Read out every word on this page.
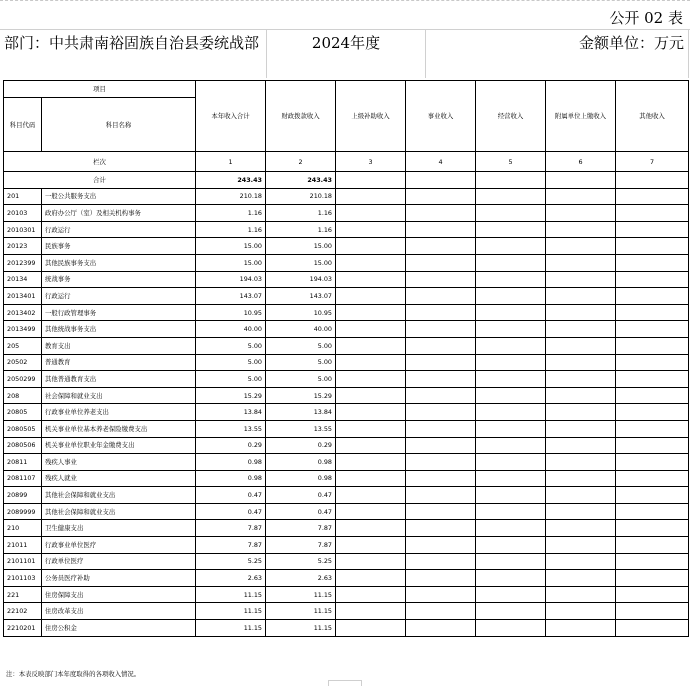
公开 02 表
部门：中共肃南裕固族自治县委统战部	2024年度	金额单位：万元
项目		本年收入合计	财政拨款收入	上级补助收入	事业收入	经营收入	附属单位上缴收入	其他收入
科目代码	科目名称							
栏次		1	2	3	4	5	6	7
合计		243.43	243.43					
201	一般公共服务支出	210.18	210.18					
20103	政府办公厅（室）及相关机构事务	1.16	1.16					
2010301	行政运行	1.16	1.16					
20123	民族事务	15.00	15.00					
2012399	其他民族事务支出	15.00	15.00					
20134	统战事务	194.03	194.03					
2013401	行政运行	143.07	143.07					
2013402	一般行政管理事务	10.95	10.95					
2013499	其他统战事务支出	40.00	40.00					
205	教育支出	5.00	5.00					
20502	普通教育	5.00	5.00					
2050299	其他普通教育支出	5.00	5.00					
208	社会保障和就业支出	15.29	15.29					
20805	行政事业单位养老支出	13.84	13.84					
2080505	机关事业单位基本养老保险缴费支出	13.55	13.55					
2080506	机关事业单位职业年金缴费支出	0.29	0.29					
20811	残疾人事业	0.98	0.98					
2081107	残疾人就业	0.98	0.98					
20899	其他社会保障和就业支出	0.47	0.47					
2089999	其他社会保障和就业支出	0.47	0.47					
210	卫生健康支出	7.87	7.87					
21011	行政事业单位医疗	7.87	7.87					
2101101	行政单位医疗	5.25	5.25					
2101103	公务员医疗补助	2.63	2.63					
221	住房保障支出	11.15	11.15					
22102	住房改革支出	11.15	11.15					
2210201	住房公积金	11.15	11.15					
注：本表反映部门本年度取得的各项收入情况。
